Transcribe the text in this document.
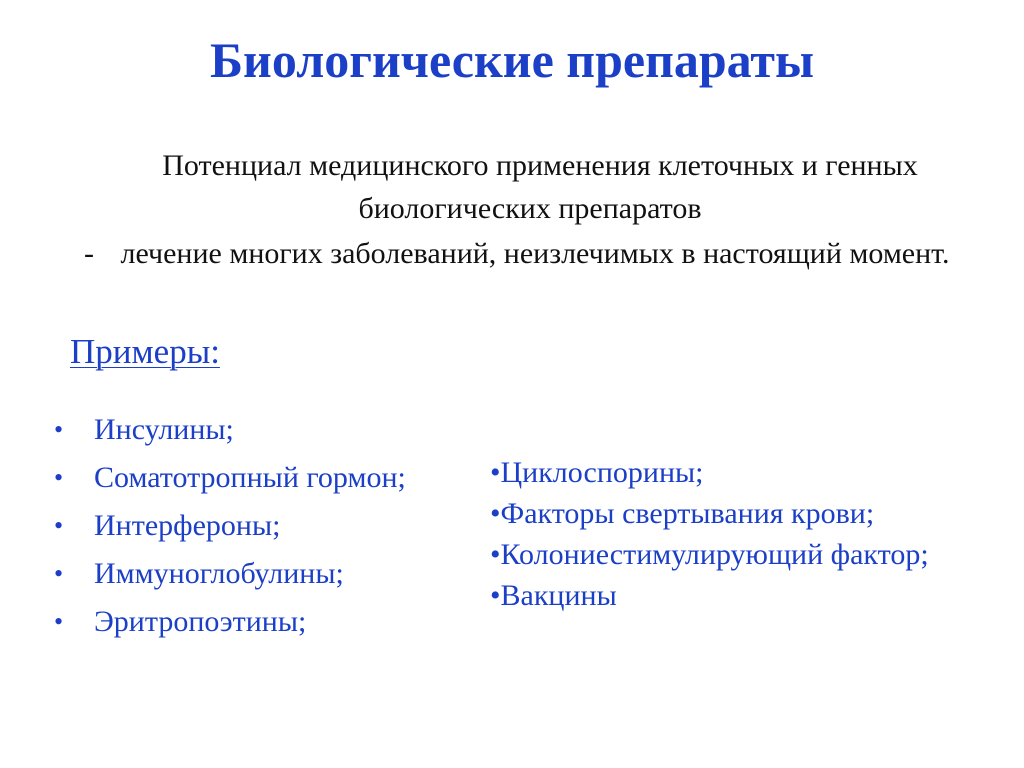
Биологические препараты
Потенциал медицинского применения клеточных и генных
биологических препаратов
- лечение многих заболеваний, неизлечимых в настоящий момент.
Примеры:
• Инсулины;
• Соматотропный гормон;
• Интерфероны;
• Иммуноглобулины;
• Эритропоэтины;
•Циклоспорины;
•Факторы свертывания крови;
•Колониестимулирующий фактор;
•Вакцины
